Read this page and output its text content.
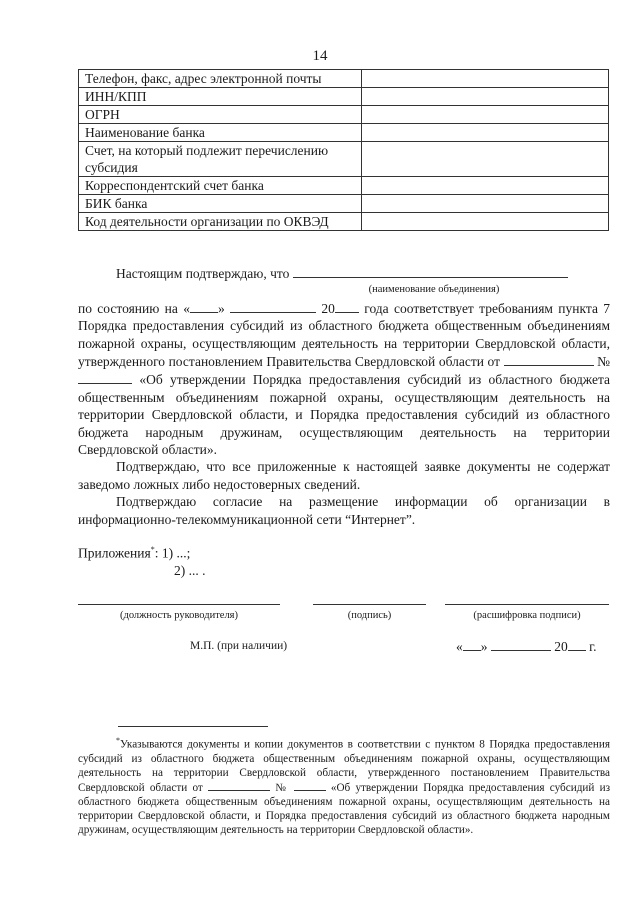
14
Телефон, факс, адрес электронной почты	
ИНН/КПП	
ОГРН	
Наименование банка	
Счет, на который подлежит перечислению субсидия	
Корреспондентский счет банка	
БИК банка	
Код деятельности организации по ОКВЭД	

Настоящим подтверждаю, что

(наименование объединения)

по состоянию на « »	20 года соответствует требованиям пункта 7 Порядка предоставления субсидий из областного бюджета общественным объединениям пожарной охраны, осуществляющим деятельность на территории Свердловской области, утвержденного постановлением Правительства Свердловской области от	№  «Об утверждении Порядка предоставления субсидий из областного бюджета общественным объединениям пожарной охраны, осуществляющим деятельность на территории Свердловской области, и Порядка предоставления субсидий из областного бюджета народным дружинам, осуществляющим деятельность на территории Свердловской области».

Подтверждаю, что все приложенные к настоящей заявке документы не содержат заведомо ложных либо недостоверных сведений.

Подтверждаю согласие на размещение информации об организации в информационно-телекоммуникационной сети “Интернет”.

Приложения*: 1) ...;
2) ... .
(должность руководителя)	(подпись)	(расшифровка подписи)
М.П. (при наличии)	« »	20 г.
*Указываются документы и копии документов в соответствии с пунктом 8 Порядка предоставления субсидий из областного бюджета общественным объединениям пожарной охраны, осуществляющим деятельность на территории Свердловской области, утвержденного постановлением Правительства Свердловской области от	№	«Об утверждении Порядка предоставления субсидий из областного бюджета общественным объединениям пожарной охраны, осуществляющим деятельность на территории Свердловской области, и Порядка предоставления субсидий из областного бюджета народным дружинам, осуществляющим деятельность на территории Свердловской области».
